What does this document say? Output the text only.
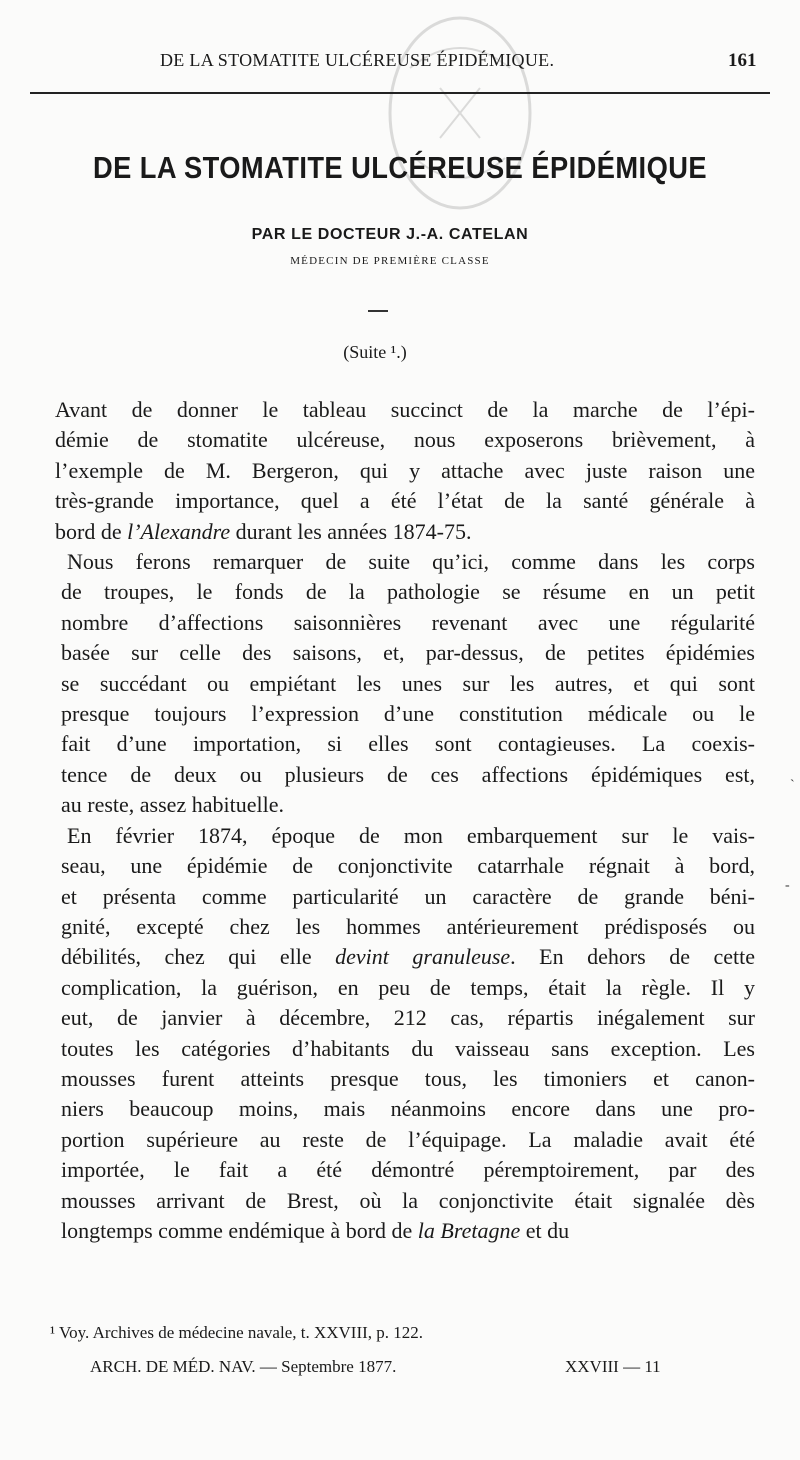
DE LA STOMATITE ULCÉREUSE ÉPIDÉMIQUE.	161
DE LA STOMATITE ULCÉREUSE ÉPIDÉMIQUE
PAR LE DOCTEUR J.-A. CATELAN
MÉDECIN DE PREMIÈRE CLASSE
(Suite ¹.)

Avant de donner le tableau succinct de la marche de l’épi-
démie de stomatite ulcéreuse, nous exposerons brièvement, à
l’exemple de M. Bergeron, qui y attache avec juste raison une
très-grande importance, quel a été l’état de la santé générale à
bord de l’Alexandre durant les années 1874-75.

Nous ferons remarquer de suite qu’ici, comme dans les corps
de troupes, le fonds de la pathologie se résume en un petit
nombre d’affections saisonnières revenant avec une régularité
basée sur celle des saisons, et, par-dessus, de petites épidémies
se succédant ou empiétant les unes sur les autres, et qui sont
presque toujours l’expression d’une constitution médicale ou le
fait d’une importation, si elles sont contagieuses. La coexis-
tence de deux ou plusieurs de ces affections épidémiques est,
au reste, assez habituelle.

En février 1874, époque de mon embarquement sur le vais-
seau, une épidémie de conjonctivite catarrhale régnait à bord,
et présenta comme particularité un caractère de grande béni-
gnité, excepté chez les hommes antérieurement prédisposés ou
débilités, chez qui elle devint granuleuse. En dehors de cette
complication, la guérison, en peu de temps, était la règle. Il y
eut, de janvier à décembre, 212 cas, répartis inégalement sur
toutes les catégories d’habitants du vaisseau sans exception. Les
mousses furent atteints presque tous, les timoniers et canon-
niers beaucoup moins, mais néanmoins encore dans une pro-
portion supérieure au reste de l’équipage. La maladie avait été
importée, le fait a été démontré péremptoirement, par des
mousses arrivant de Brest, où la conjonctivite était signalée dès
longtemps comme endémique à bord de la Bretagne et du

¹ Voy. Archives de médecine navale, t. XXVIII, p. 122.
ARCH. DE MÉD. NAV. — Septembre 1877.	XXVIII — 11
`
-
